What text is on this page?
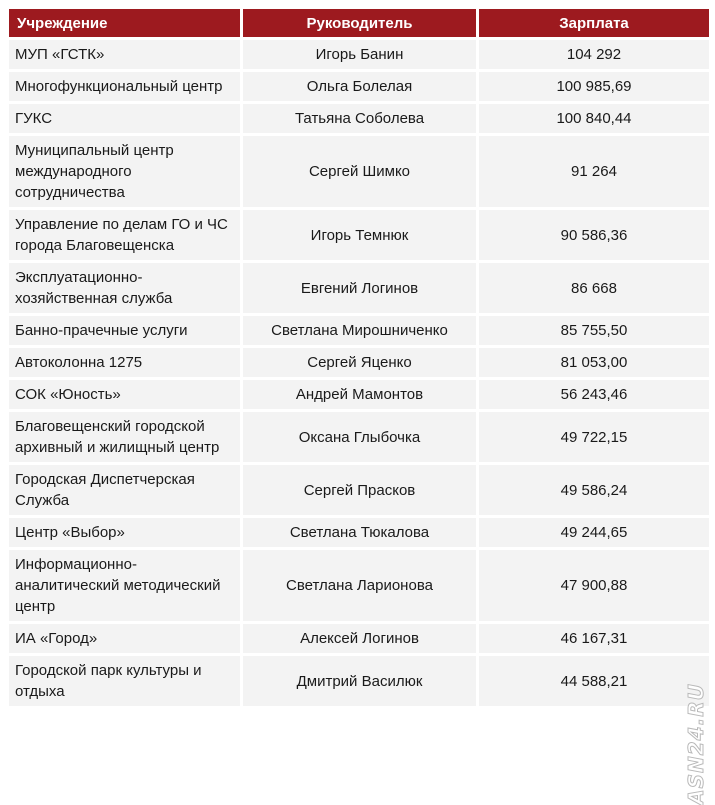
Учреждение	Руководитель	Зарплата
МУП «ГСТК»	Игорь Банин	104 292
Многофункциональный центр	Ольга Болелая	100 985,69
ГУКС	Татьяна Соболева	100 840,44
Муниципальный центр международного сотрудничества	Сергей Шимко	91 264
Управление по делам ГО и ЧС города Благовещенска	Игорь Темнюк	90 586,36
Эксплуатационно-хозяйственная служба	Евгений Логинов	86 668
Банно-прачечные услуги	Светлана Мирошниченко	85 755,50
Автоколонна 1275	Сергей Яценко	81 053,00
СОК «Юность»	Андрей Мамонтов	56 243,46
Благовещенский городской архивный и жилищный центр	Оксана Глыбочка	49 722,15
Городская Диспетчерская Служба	Сергей Прасков	49 586,24
Центр «Выбор»	Светлана Тюкалова	49 244,65
Информационно-аналитический методический центр	Светлана Ларионова	47 900,88
ИА «Город»	Алексей Логинов	46 167,31
Городской парк культуры и отдыха	Дмитрий Василюк	44 588,21
ASN24.RU
